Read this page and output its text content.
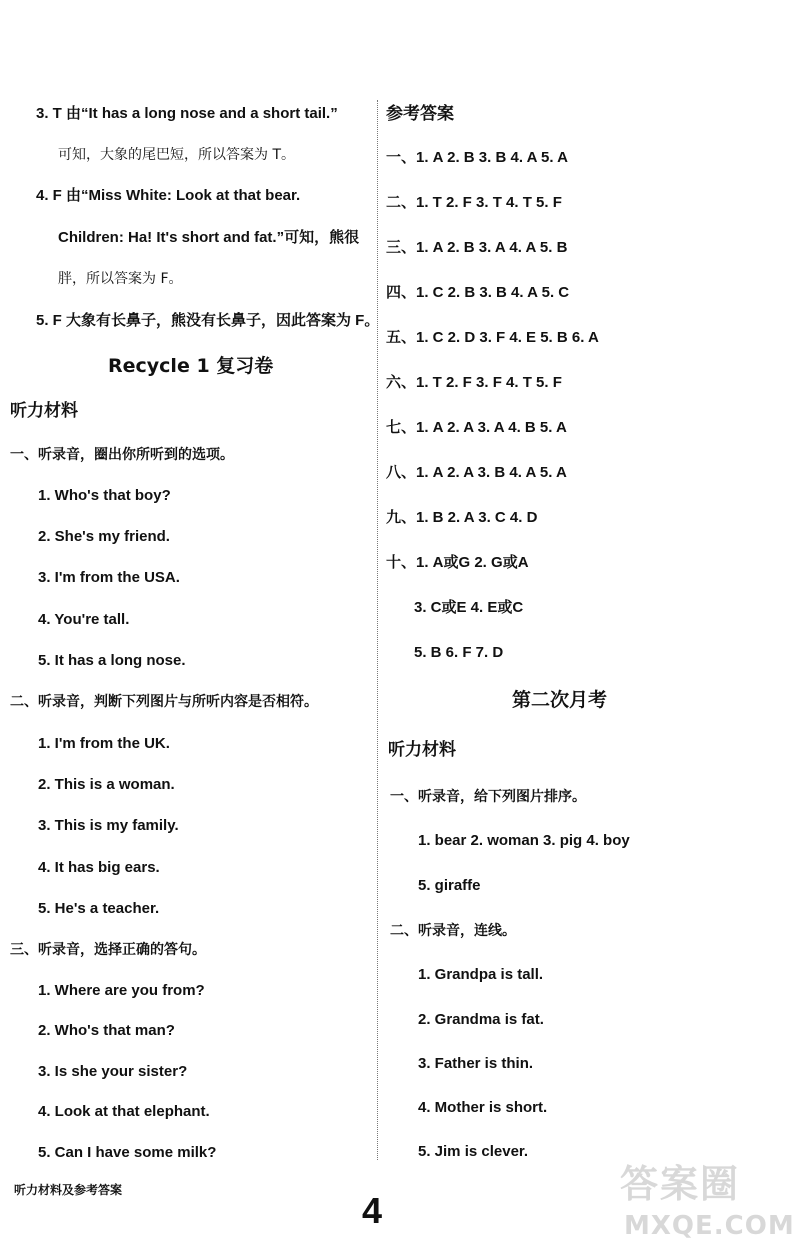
3. T 由“It has a long nose and a short tail.”
可知，大象的尾巴短，所以答案为 T。
4. F 由“Miss White: Look at that bear.
Children: Ha! It's short and fat.”可知，熊很
胖，所以答案为 F。
5. F 大象有长鼻子，熊没有长鼻子，因此答案为 F。
Recycle 1 复习卷
听力材料
一、听录音，圈出你所听到的选项。
1. Who's that boy?
2. She's my friend.
3. I'm from the USA.
4. You're tall.
5. It has a long nose.
二、听录音，判断下列图片与所听内容是否相符。
1. I'm from the UK.
2. This is a woman.
3. This is my family.
4. It has big ears.
5. He's a teacher.
三、听录音，选择正确的答句。
1. Where are you from?
2. Who's that man?
3. Is she your sister?
4. Look at that elephant.
5. Can I have some milk?
参考答案
一、1. A 2. B 3. B 4. A 5. A
二、1. T 2. F 3. T 4. T 5. F
三、1. A 2. B 3. A 4. A 5. B
四、1. C 2. B 3. B 4. A 5. C
五、1. C 2. D 3. F 4. E 5. B 6. A
六、1. T 2. F 3. F 4. T 5. F
七、1. A 2. A 3. A 4. B 5. A
八、1. A 2. A 3. B 4. A 5. A
九、1. B 2. A 3. C 4. D
十、1. A或G 2. G或A
3. C或E 4. E或C
5. B 6. F 7. D
第二次月考
听力材料
一、听录音，给下列图片排序。
1. bear 2. woman 3. pig 4. boy
5. giraffe
二、听录音，连线。
1. Grandpa is tall.
2. Grandma is fat.
3. Father is thin.
4. Mother is short.
5. Jim is clever.
听力材料及参考答案	4
答案圈
MXQE.COM
